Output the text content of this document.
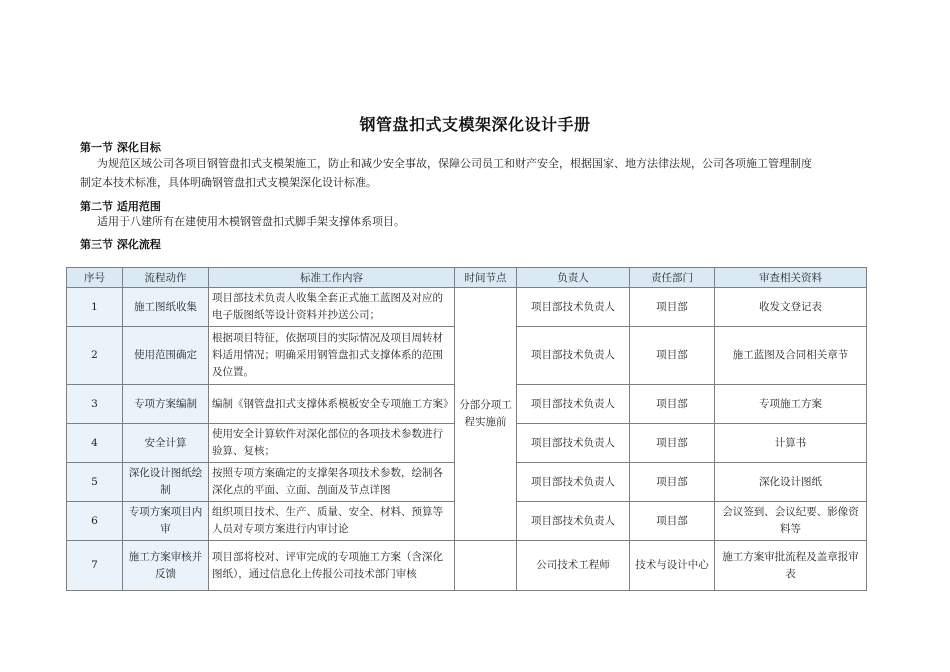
钢管盘扣式支模架深化设计手册
第一节 深化目标
为规范区域公司各项目钢管盘扣式支模架施工，防止和减少安全事故，保障公司员工和财产安全，根据国家、地方法律法规，公司各项施工管理制度
制定本技术标准，具体明确钢管盘扣式支模架深化设计标准。
第二节 适用范围
适用于八建所有在建使用木模钢管盘扣式脚手架支撑体系项目。
第三节 深化流程
序号	流程动作	标准工作内容	时间节点	负责人	责任部门	审查相关资料
1	施工图纸收集	项目部技术负责人收集全套正式施工蓝图及对应的电子版图纸等设计资料并抄送公司；	分部分项工程实施前	项目部技术负责人	项目部	收发文登记表
2	使用范围确定	根据项目特征，依据项目的实际情况及项目周转材料适用情况；明确采用钢管盘扣式支撑体系的范围及位置。		项目部技术负责人	项目部	施工蓝图及合同相关章节
3	专项方案编制	编制《钢管盘扣式支撑体系模板安全专项施工方案》		项目部技术负责人	项目部	专项施工方案
4	安全计算	使用安全计算软件对深化部位的各项技术参数进行验算、复核；		项目部技术负责人	项目部	计算书
5	深化设计图纸绘制	按照专项方案确定的支撑架各项技术参数，绘制各深化点的平面、立面、剖面及节点详图		项目部技术负责人	项目部	深化设计图纸
6	专项方案项目内审	组织项目技术、生产、质量、安全、材料、预算等人员对专项方案进行内审讨论		项目部技术负责人	项目部	会议签到、会议纪要、影像资料等
7	施工方案审核并反馈	项目部将校对、评审完成的专项施工方案（含深化图纸），通过信息化上传报公司技术部门审核		公司技术工程师	技术与设计中心	施工方案审批流程及盖章报审表
